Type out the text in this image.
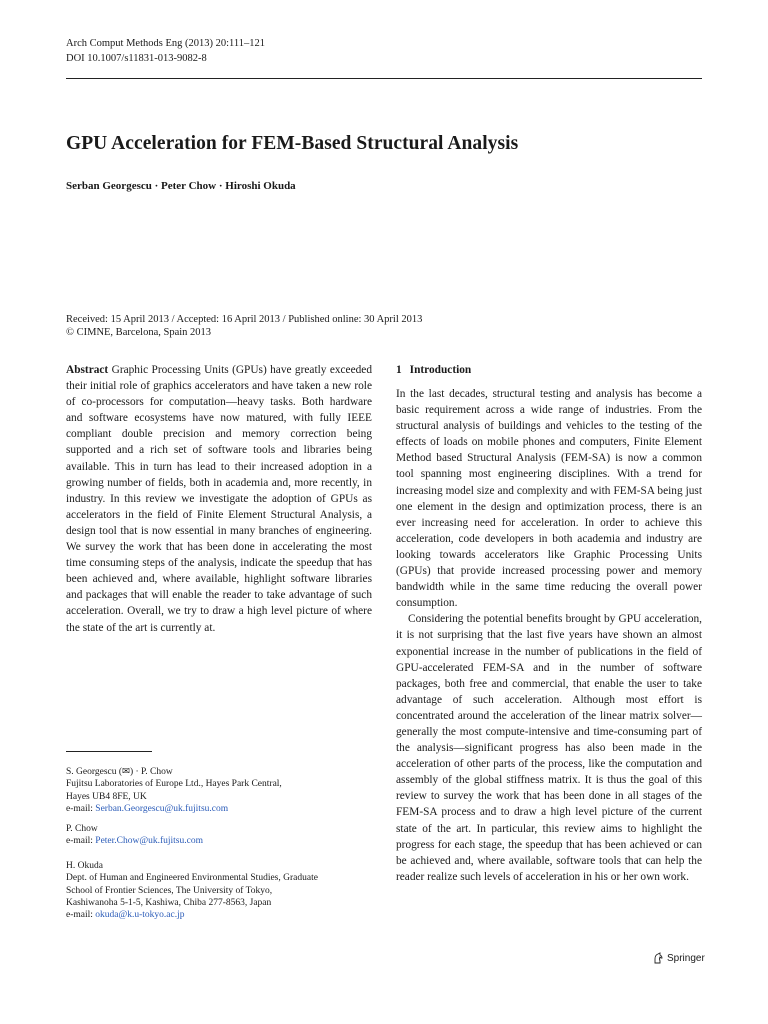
Arch Comput Methods Eng (2013) 20:111–121
DOI 10.1007/s11831-013-9082-8
GPU Acceleration for FEM-Based Structural Analysis
Serban Georgescu · Peter Chow · Hiroshi Okuda
Received: 15 April 2013 / Accepted: 16 April 2013 / Published online: 30 April 2013
© CIMNE, Barcelona, Spain 2013

Abstract Graphic Processing Units (GPUs) have greatly exceeded their initial role of graphics accelerators and have taken a new role of co-processors for computation—heavy tasks. Both hardware and software ecosystems have now matured, with fully IEEE compliant double precision and memory correction being supported and a rich set of software tools and libraries being available. This in turn has lead to their increased adoption in a growing number of fields, both in academia and, more recently, in industry. In this review we investigate the adoption of GPUs as accelerators in the field of Finite Element Structural Analysis, a design tool that is now essential in many branches of engineering. We survey the work that has been done in accelerating the most time consuming steps of the analysis, indicate the speedup that has been achieved and, where available, highlight software libraries and packages that will enable the reader to take advantage of such acceleration. Overall, we try to draw a high level picture of where the state of the art is currently at.

1 Introduction

In the last decades, structural testing and analysis has become a basic requirement across a wide range of industries. From the structural analysis of buildings and vehicles to the testing of the effects of loads on mobile phones and computers, Finite Element Method based Structural Analysis (FEM-SA) is now a common tool spanning most engineering disciplines. With a trend for increasing model size and complexity and with FEM-SA being just one element in the design and optimization process, there is an ever increasing need for acceleration. In order to achieve this acceleration, code developers in both academia and industry are looking towards accelerators like Graphic Processing Units (GPUs) that provide increased processing power and memory bandwidth while in the same time reducing the overall power consumption.

Considering the potential benefits brought by GPU acceleration, it is not surprising that the last five years have shown an almost exponential increase in the number of publications in the field of GPU-accelerated FEM-SA and in the number of software packages, both free and commercial, that enable the user to take advantage of such acceleration. Although most effort is concentrated around the acceleration of the linear matrix solver—generally the most compute-intensive and time-consuming part of the analysis—significant progress has also been made in the acceleration of other parts of the process, like the computation and assembly of the global stiffness matrix. It is thus the goal of this review to survey the work that has been done in all stages of the FEM-SA process and to draw a high level picture of the current state of the art. In particular, this review aims to highlight the progress for each stage, the speedup that has been achieved or can be achieved and, where available, software tools that can help the reader realize such levels of acceleration in his or her own work.

S. Georgescu (✉) · P. Chow
Fujitsu Laboratories of Europe Ltd., Hayes Park Central,
Hayes UB4 8FE, UK
e-mail: Serban.Georgescu@uk.fujitsu.com
P. Chow
e-mail: Peter.Chow@uk.fujitsu.com
H. Okuda
Dept. of Human and Engineered Environmental Studies, Graduate
School of Frontier Sciences, The University of Tokyo,
Kashiwanoha 5-1-5, Kashiwa, Chiba 277-8563, Japan
e-mail: okuda@k.u-tokyo.ac.jp
Springer
